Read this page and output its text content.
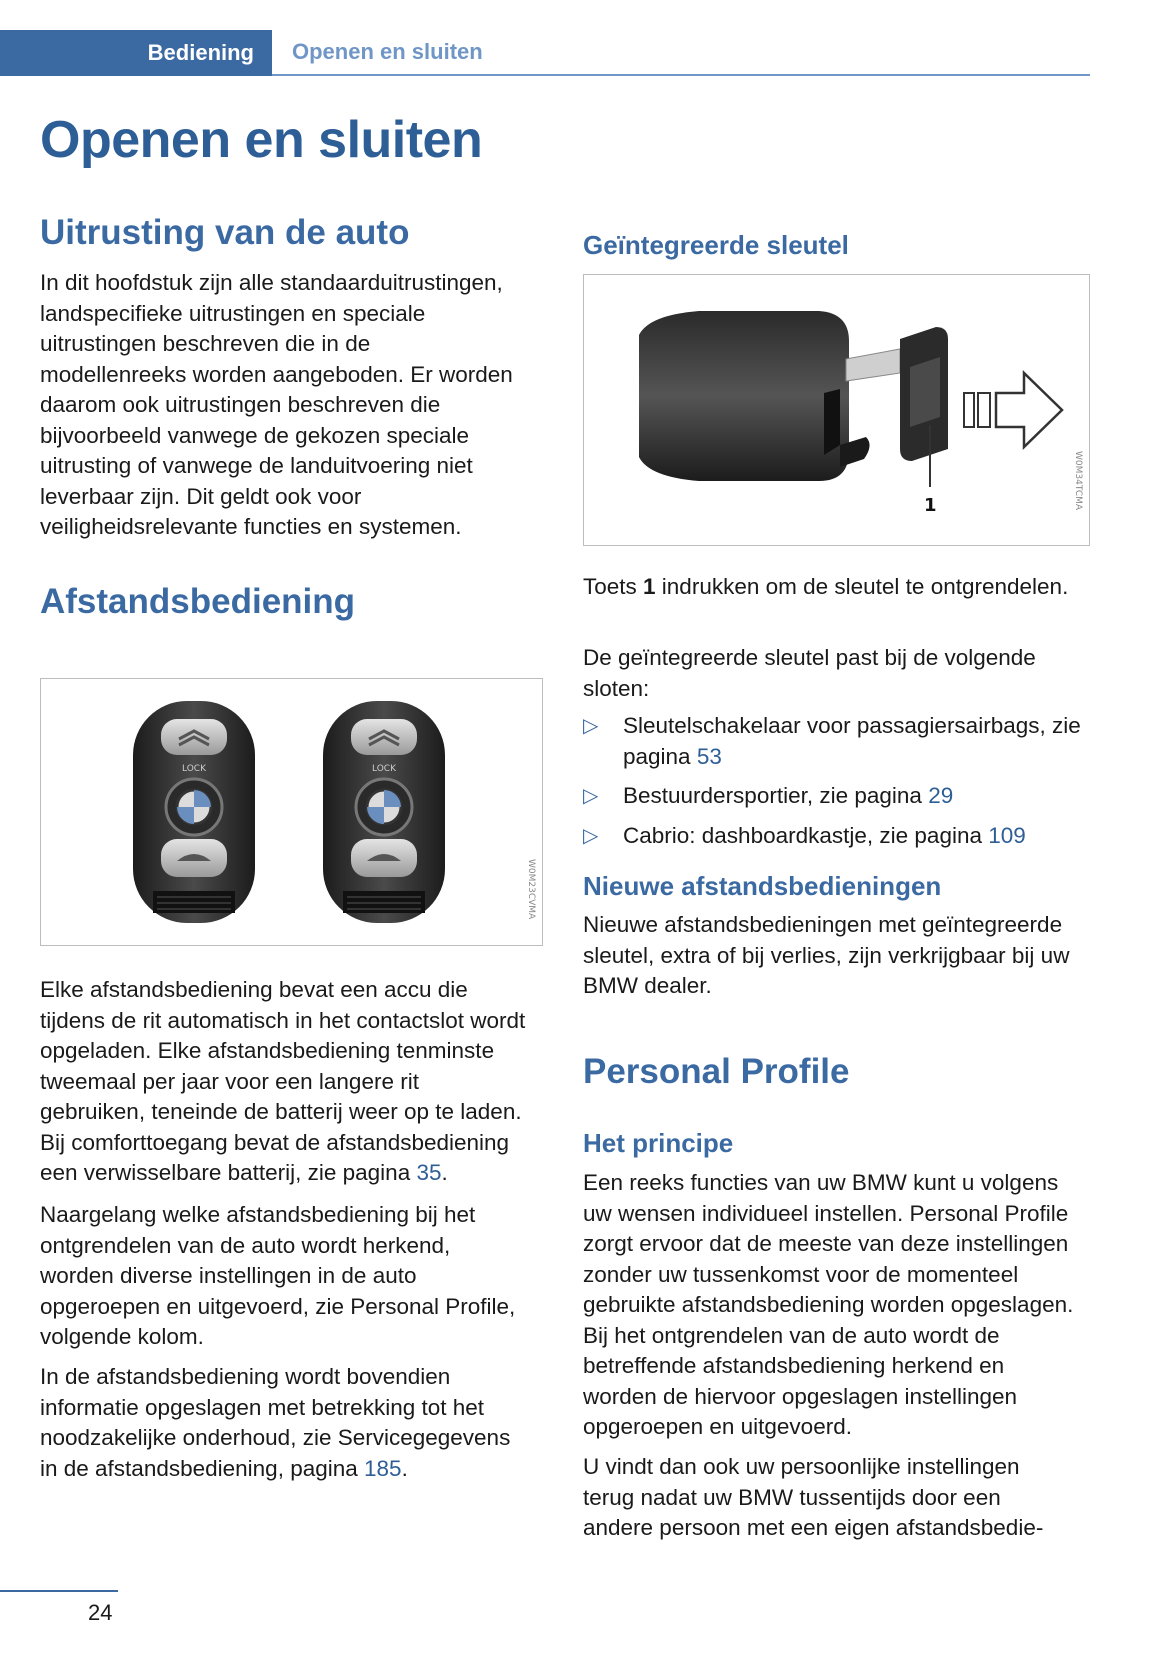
Bediening Openen en sluiten
Openen en sluiten
Uitrusting van de auto

In dit hoofdstuk zijn alle standaarduitrustingen, landspecifieke uitrustingen en speciale uitrustingen beschreven die in de modellenreeks worden aangeboden. Er worden daarom ook uitrustingen beschreven die bijvoorbeeld vanwege de gekozen speciale uitrusting of vanwege de landuitvoering niet leverbaar zijn. Dit geldt ook voor veiligheidsrelevante functies en systemen.

Afstandsbediening
LOCK	LOCK
W0M23CVMA

Elke afstandsbediening bevat een accu die tijdens de rit automatisch in het contactslot wordt opgeladen. Elke afstandsbediening tenminste tweemaal per jaar voor een langere rit gebruiken, teneinde de batterij weer op te laden. Bij comforttoegang bevat de afstandsbediening een verwisselbare batterij, zie pagina 35.

Naargelang welke afstandsbediening bij het ontgrendelen van de auto wordt herkend, worden diverse instellingen in de auto opgeroepen en uitgevoerd, zie Personal Profile, volgende kolom.

In de afstandsbediening wordt bovendien informatie opgeslagen met betrekking tot het noodzakelijke onderhoud, zie Servicegegevens in de afstandsbediening, pagina 185.

Geïntegreerde sleutel
1	W0M34TCMA

Toets 1 indrukken om de sleutel te ontgrendelen.

De geïntegreerde sleutel past bij de volgende sloten:

▷ Sleutelschakelaar voor passagiersairbags, zie pagina 53
▷ Bestuurdersportier, zie pagina 29
▷ Cabrio: dashboardkastje, zie pagina 109
Nieuwe afstandsbedieningen

Nieuwe afstandsbedieningen met geïntegreerde sleutel, extra of bij verlies, zijn verkrijgbaar bij uw BMW dealer.

Personal Profile
Het principe

Een reeks functies van uw BMW kunt u volgens uw wensen individueel instellen. Personal Profile zorgt ervoor dat de meeste van deze instellingen zonder uw tussenkomst voor de momenteel gebruikte afstandsbediening worden opgeslagen. Bij het ontgrendelen van de auto wordt de betreffende afstandsbediening herkend en worden de hiervoor opgeslagen instellingen opgeroepen en uitgevoerd.

U vindt dan ook uw persoonlijke instellingen terug nadat uw BMW tussentijds door een andere persoon met een eigen afstandsbedie-

24
